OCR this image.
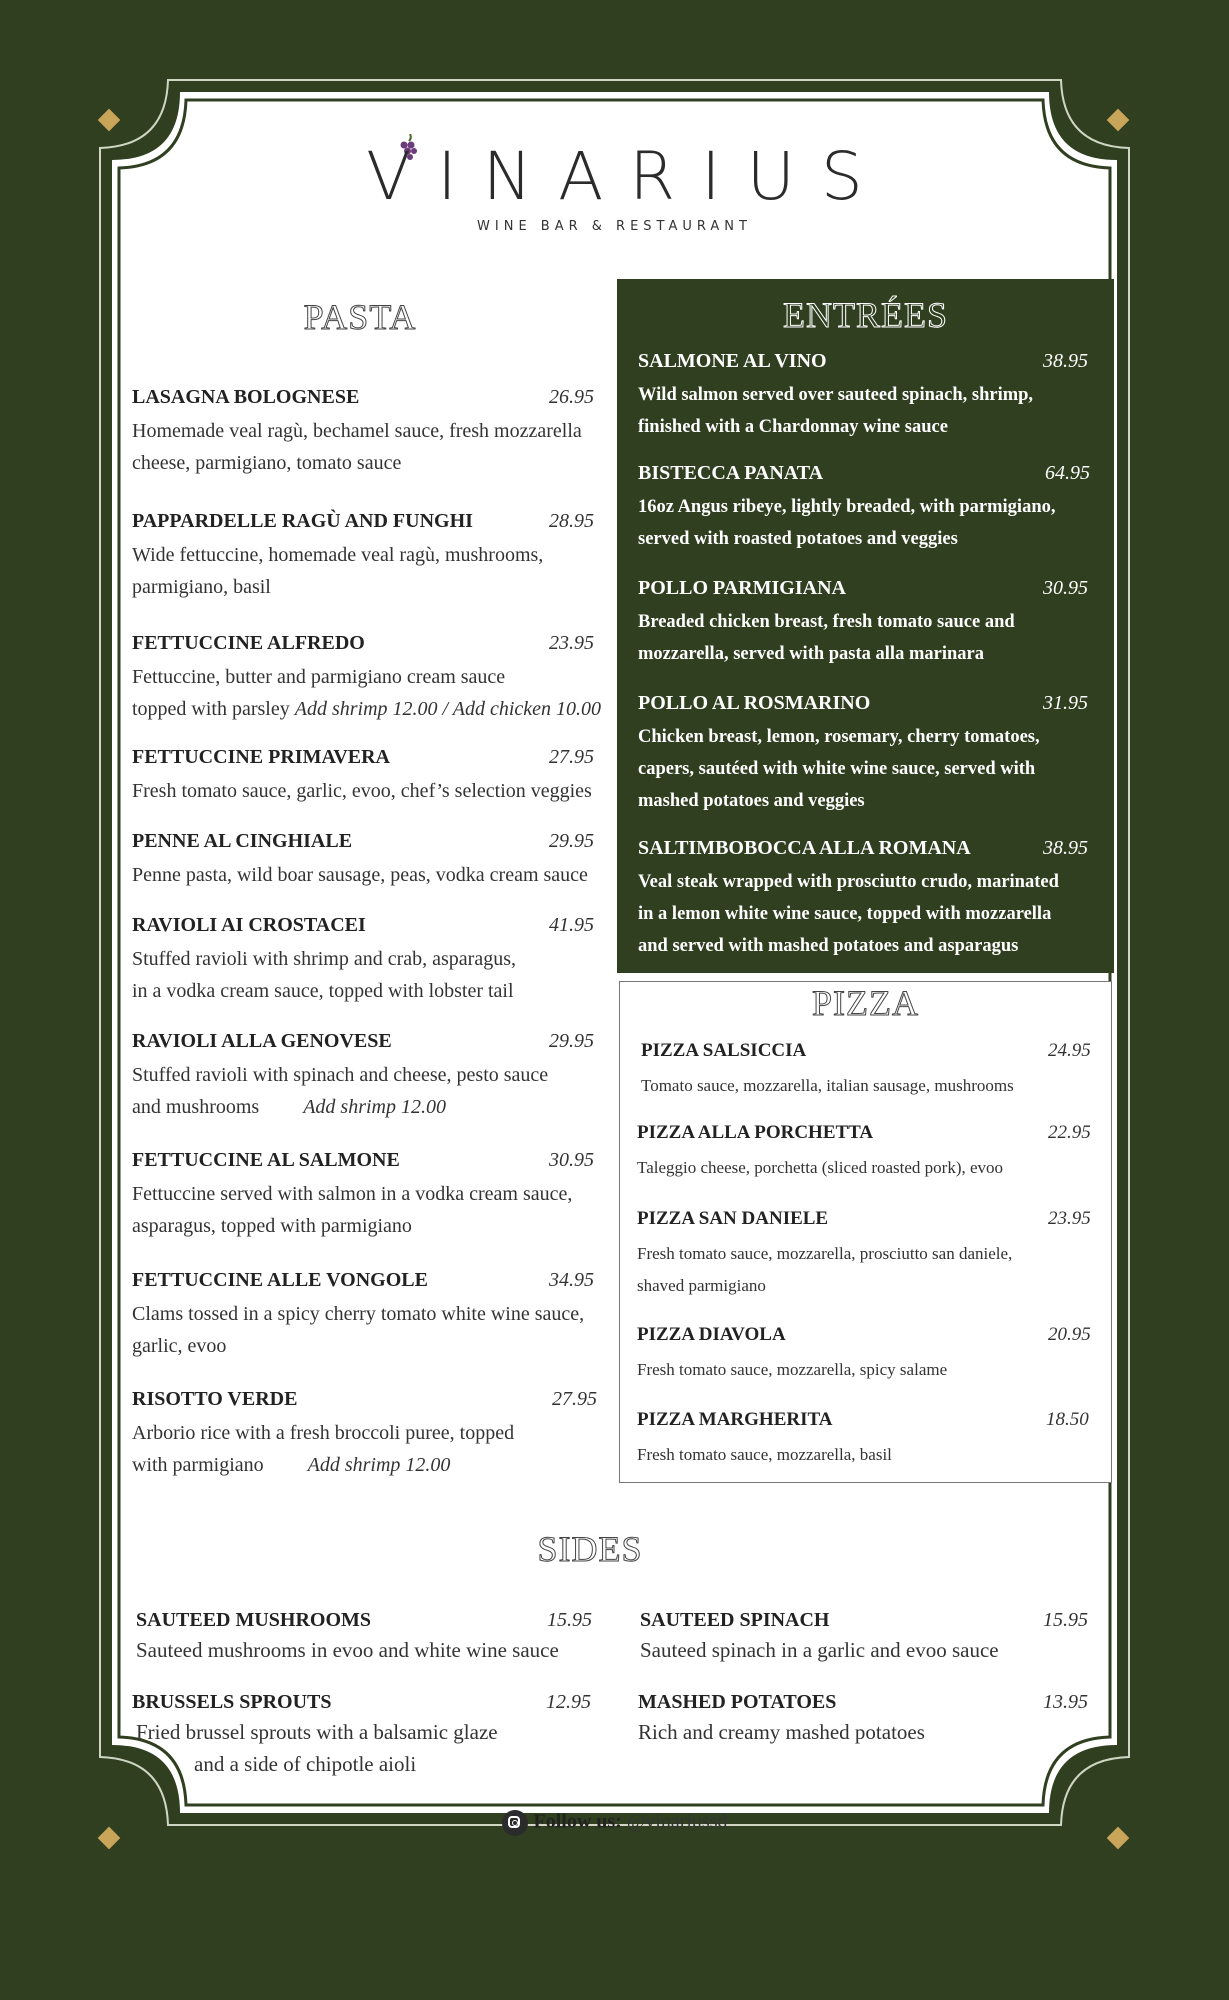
VINARIUS
WINE BAR & RESTAURANT
PASTA	ENTRÉES
PIZZA
SIDES
LASAGNA BOLOGNESE	26.95
Homemade veal ragù, bechamel sauce, fresh mozzarella
cheese, parmigiano, tomato sauce
PAPPARDELLE RAGÙ AND FUNGHI	28.95
Wide fettuccine, homemade veal ragù, mushrooms,
parmigiano, basil
FETTUCCINE ALFREDO	23.95
Fettuccine, butter and parmigiano cream sauce
topped with parsley Add shrimp 12.00 / Add chicken 10.00
FETTUCCINE PRIMAVERA	27.95
Fresh tomato sauce, garlic, evoo, chef’s selection veggies
PENNE AL CINGHIALE	29.95
Penne pasta, wild boar sausage, peas, vodka cream sauce
RAVIOLI AI CROSTACEI	41.95
Stuffed ravioli with shrimp and crab, asparagus,
in a vodka cream sauce, topped with lobster tail
RAVIOLI ALLA GENOVESE	29.95
Stuffed ravioli with spinach and cheese, pesto sauce
and mushrooms Add shrimp 12.00
FETTUCCINE AL SALMONE	30.95
Fettuccine served with salmon in a vodka cream sauce,
asparagus, topped with parmigiano
FETTUCCINE ALLE VONGOLE	34.95
Clams tossed in a spicy cherry tomato white wine sauce,
garlic, evoo
RISOTTO VERDE	27.95
Arborio rice with a fresh broccoli puree, topped
with parmigiano Add shrimp 12.00
SALMONE AL VINO	38.95
Wild salmon served over sauteed spinach, shrimp,
finished with a Chardonnay wine sauce
BISTECCA PANATA	64.95
16oz Angus ribeye, lightly breaded, with parmigiano,
served with roasted potatoes and veggies
POLLO PARMIGIANA	30.95
Breaded chicken breast, fresh tomato sauce and
mozzarella, served with pasta alla marinara
POLLO AL ROSMARINO	31.95
Chicken breast, lemon, rosemary, cherry tomatoes,
capers, sautéed with white wine sauce, served with
mashed potatoes and veggies
SALTIMBOBOCCA ALLA ROMANA	38.95
Veal steak wrapped with prosciutto crudo, marinated
in a lemon white wine sauce, topped with mozzarella
and served with mashed potatoes and asparagus
PIZZA SALSICCIA	24.95
Tomato sauce, mozzarella, italian sausage, mushrooms
PIZZA ALLA PORCHETTA	22.95
Taleggio cheese, porchetta (sliced roasted pork), evoo
PIZZA SAN DANIELE	23.95
Fresh tomato sauce, mozzarella, prosciutto san daniele,
shaved parmigiano
PIZZA DIAVOLA	20.95
Fresh tomato sauce, mozzarella, spicy salame
PIZZA MARGHERITA	18.50
Fresh tomato sauce, mozzarella, basil
SAUTEED MUSHROOMS	15.95
Sauteed mushrooms in evoo and white wine sauce
SAUTEED SPINACH	15.95
Sauteed spinach in a garlic and evoo sauce
BRUSSELS SPROUTS	12.95
Fried brussel sprouts with a balsamic glaze
and a side of chipotle aioli
MASHED POTATOES	13.95
Rich and creamy mashed potatoes
Follow us: @vinariussd
